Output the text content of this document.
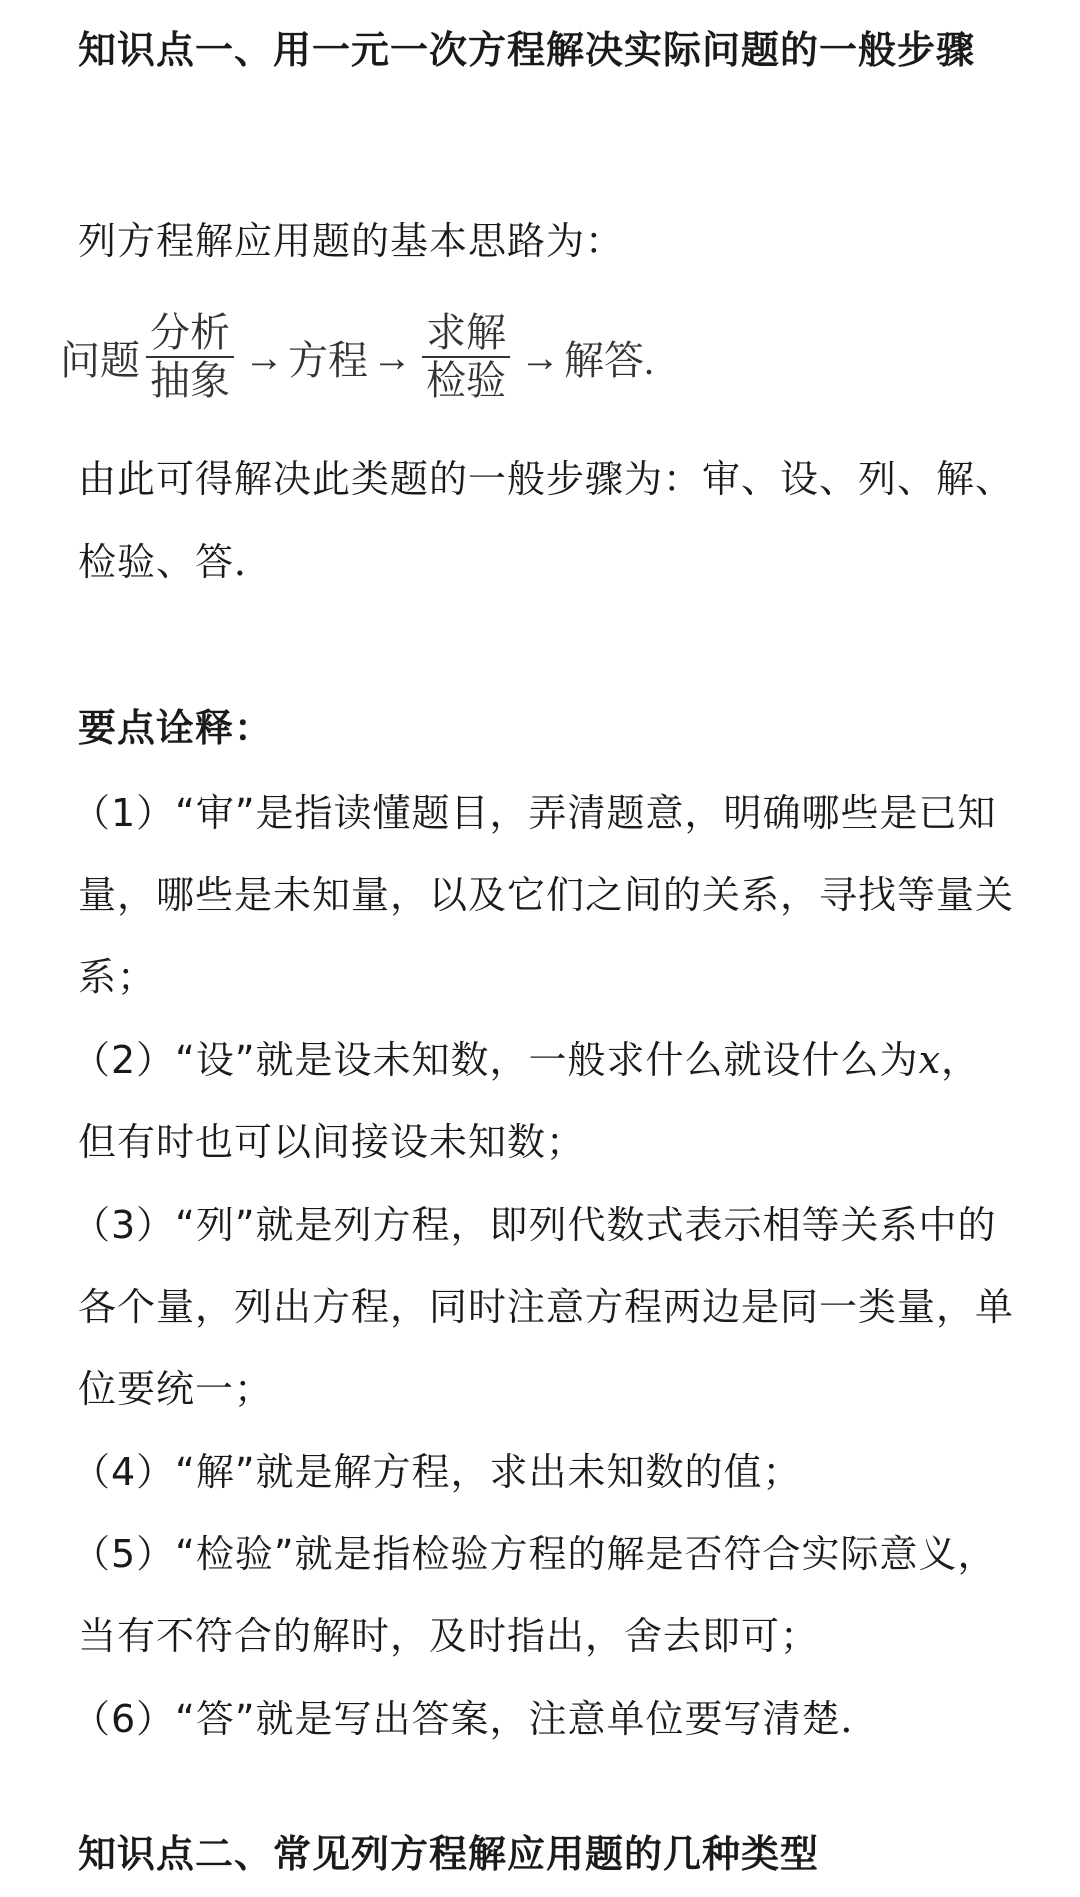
知识点一、用一元一次方程解决实际问题的一般步骤

列方程解应用题的基本思路为：

问题 $\frac{\text{分析}}{\text{抽象}}$ → 方程 → $\frac{\text{求解}}{\text{检验}}$ → 解答.

由此可得解决此类题的一般步骤为：审、设、列、解、检验、答．

要点诠释：

（1）“审”是指读懂题目，弄清题意，明确哪些是已知量，哪些是未知量，以及它们之间的关系，寻找等量关系；

（2）“设”就是设未知数，一般求什么就设什么为x，但有时也可以间接设未知数；

（3）“列”就是列方程，即列代数式表示相等关系中的各个量，列出方程，同时注意方程两边是同一类量，单位要统一；

（4）“解”就是解方程，求出未知数的值；

（5）“检验”就是指检验方程的解是否符合实际意义，当有不符合的解时，及时指出，舍去即可；

（6）“答”就是写出答案，注意单位要写清楚．

知识点二、常见列方程解应用题的几种类型
